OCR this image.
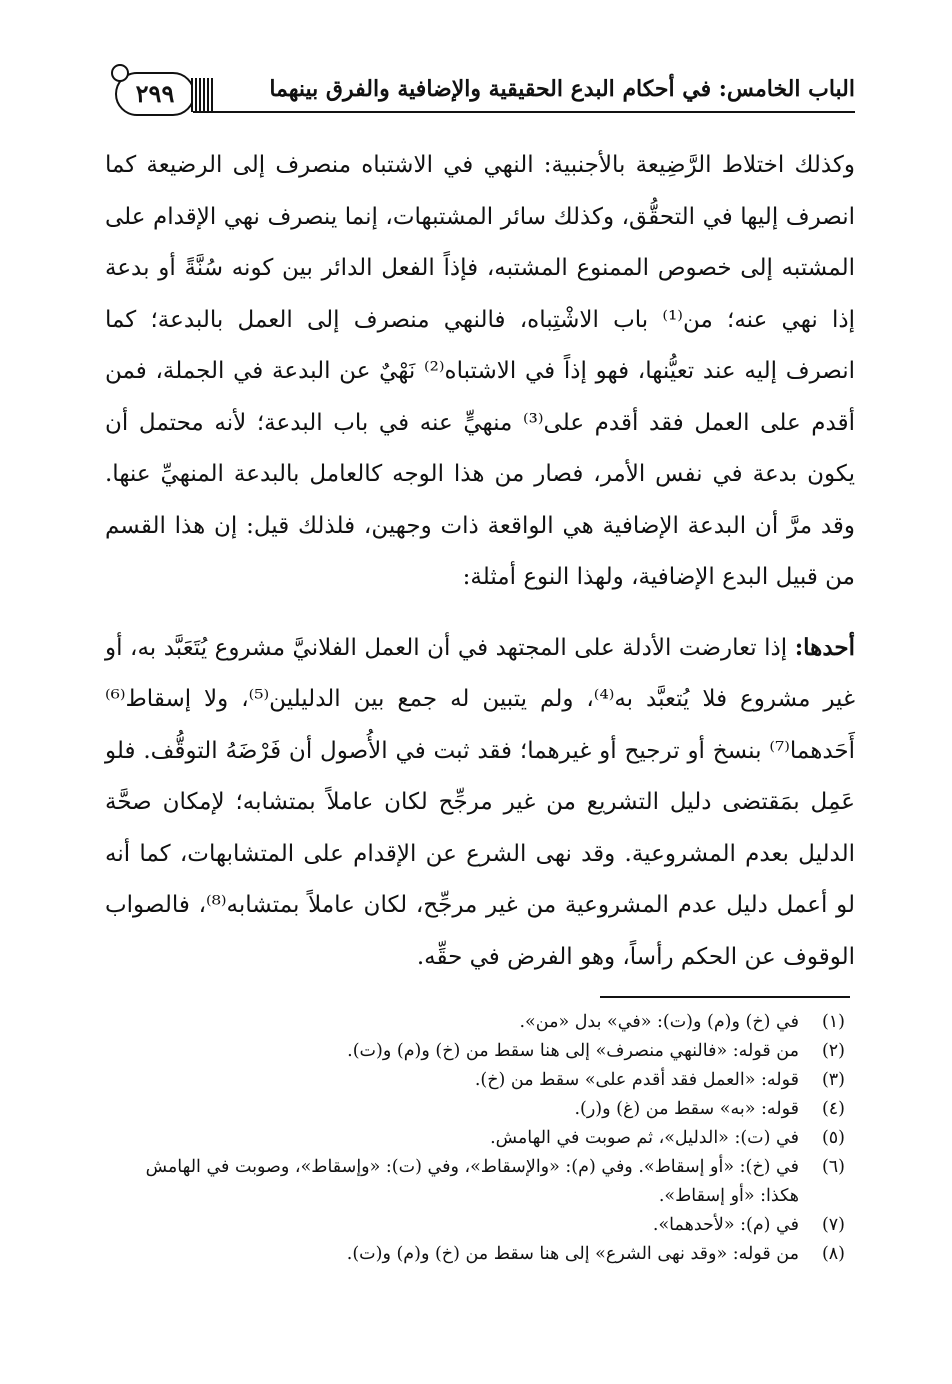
٢٩٩	الباب الخامس: في أحكام البدع الحقيقية والإضافية والفرق بينهما

وكذلك اختلاط الرَّضِيعة بالأجنبية: النهي في الاشتباه منصرف إلى الرضيعة كما انصرف إليها في التحقُّق، وكذلك سائر المشتبهات، إنما ينصرف نهي الإقدام على المشتبه إلى خصوص الممنوع المشتبه، فإذاً الفعل الدائر بين كونه سُنَّةً أو بدعة إذا نهي عنه؛ من⁽¹⁾ باب الاشْتِباه، فالنهي منصرف إلى العمل بالبدعة؛ كما انصرف إليه عند تعيُّنها، فهو إذاً في الاشتباه⁽²⁾ نَهْيٌ عن البدعة في الجملة، فمن أقدم على العمل فقد أقدم على⁽³⁾ منهيٍّ عنه في باب البدعة؛ لأنه محتمل أن يكون بدعة في نفس الأمر، فصار من هذا الوجه كالعامل بالبدعة المنهيِّ عنها. وقد مرَّ أن البدعة الإضافية هي الواقعة ذات وجهين، فلذلك قيل: إن هذا القسم من قبيل البدع الإضافية، ولهذا النوع أمثلة:

أحدها: إذا تعارضت الأدلة على المجتهد في أن العمل الفلانيَّ مشروع يُتَعَبَّد به، أو غير مشروع فلا يُتعبَّد به⁽⁴⁾، ولم يتبين له جمع بين الدليلين⁽⁵⁾، ولا إسقاط⁽⁶⁾ أَحَدهما⁽⁷⁾ بنسخ أو ترجيح أو غيرهما؛ فقد ثبت في الأُصول أن فَرْضَهُ التوقُّف. فلو عَمِل بمَقتضى دليل التشريع من غير مرجِّح لكان عاملاً بمتشابه؛ لإمكان صحَّة الدليل بعدم المشروعية. وقد نهى الشرع عن الإقدام على المتشابهات، كما أنه لو أعمل دليل عدم المشروعية من غير مرجِّح، لكان عاملاً بمتشابه⁽⁸⁾، فالصواب الوقوف عن الحكم رأساً، وهو الفرض في حقِّه.

(١)
في (خ) و(م) و(ت): «في» بدل «من».
(٢)
من قوله: «فالنهي منصرف» إلى هنا سقط من (خ) و(م) و(ت).
(٣)
قوله: «العمل فقد أقدم على» سقط من (خ).
(٤)
قوله: «به» سقط من (غ) و(ر).
(٥)
في (ت): «الدليل»، ثم صوبت في الهامش.
(٦)
في (خ): «أو إسقاط». وفي (م): «والإسقاط»، وفي (ت): «وإسقاط»، وصوبت في الهامش هكذا: «أو إسقاط».
(٧)
في (م): «لأحدهما».
(٨)
من قوله: «وقد نهى الشرع» إلى هنا سقط من (خ) و(م) و(ت).
